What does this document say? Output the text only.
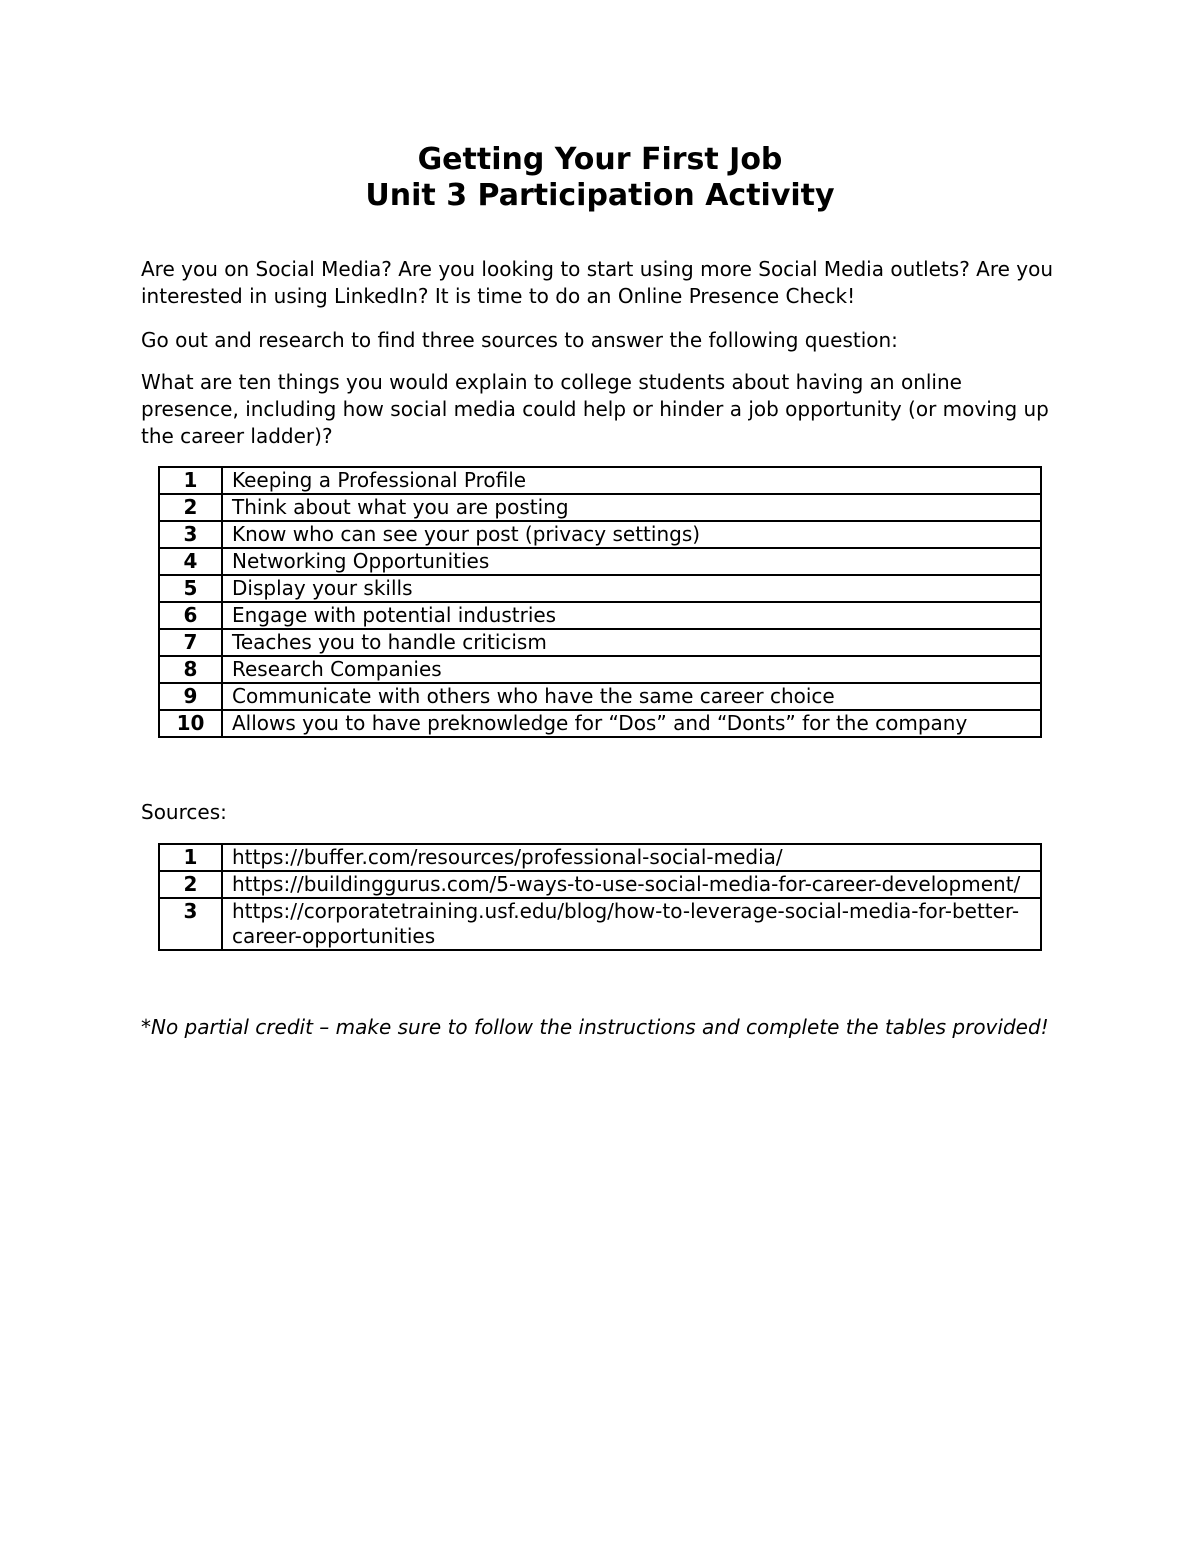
Getting Your First Job
Unit 3 Participation Activity

Are you on Social Media? Are you looking to start using more Social Media outlets? Are you interested in using LinkedIn? It is time to do an Online Presence Check!

Go out and research to find three sources to answer the following question:

What are ten things you would explain to college students about having an online presence, including how social media could help or hinder a job opportunity (or moving up the career ladder)?

1	Keeping a Professional Profile
2	Think about what you are posting
3	Know who can see your post (privacy settings)
4	Networking Opportunities
5	Display your skills
6	Engage with potential industries
7	Teaches you to handle criticism
8	Research Companies
9	Communicate with others who have the same career choice
10	Allows you to have preknowledge for “Dos” and “Donts” for the company

Sources:

1	https://buffer.com/resources/professional-social-media/
2	https://buildinggurus.com/5-ways-to-use-social-media-for-career-development/
3	https://corporatetraining.usf.edu/blog/how-to-leverage-social-media-for-better-career-opportunities

*No partial credit – make sure to follow the instructions and complete the tables provided!
